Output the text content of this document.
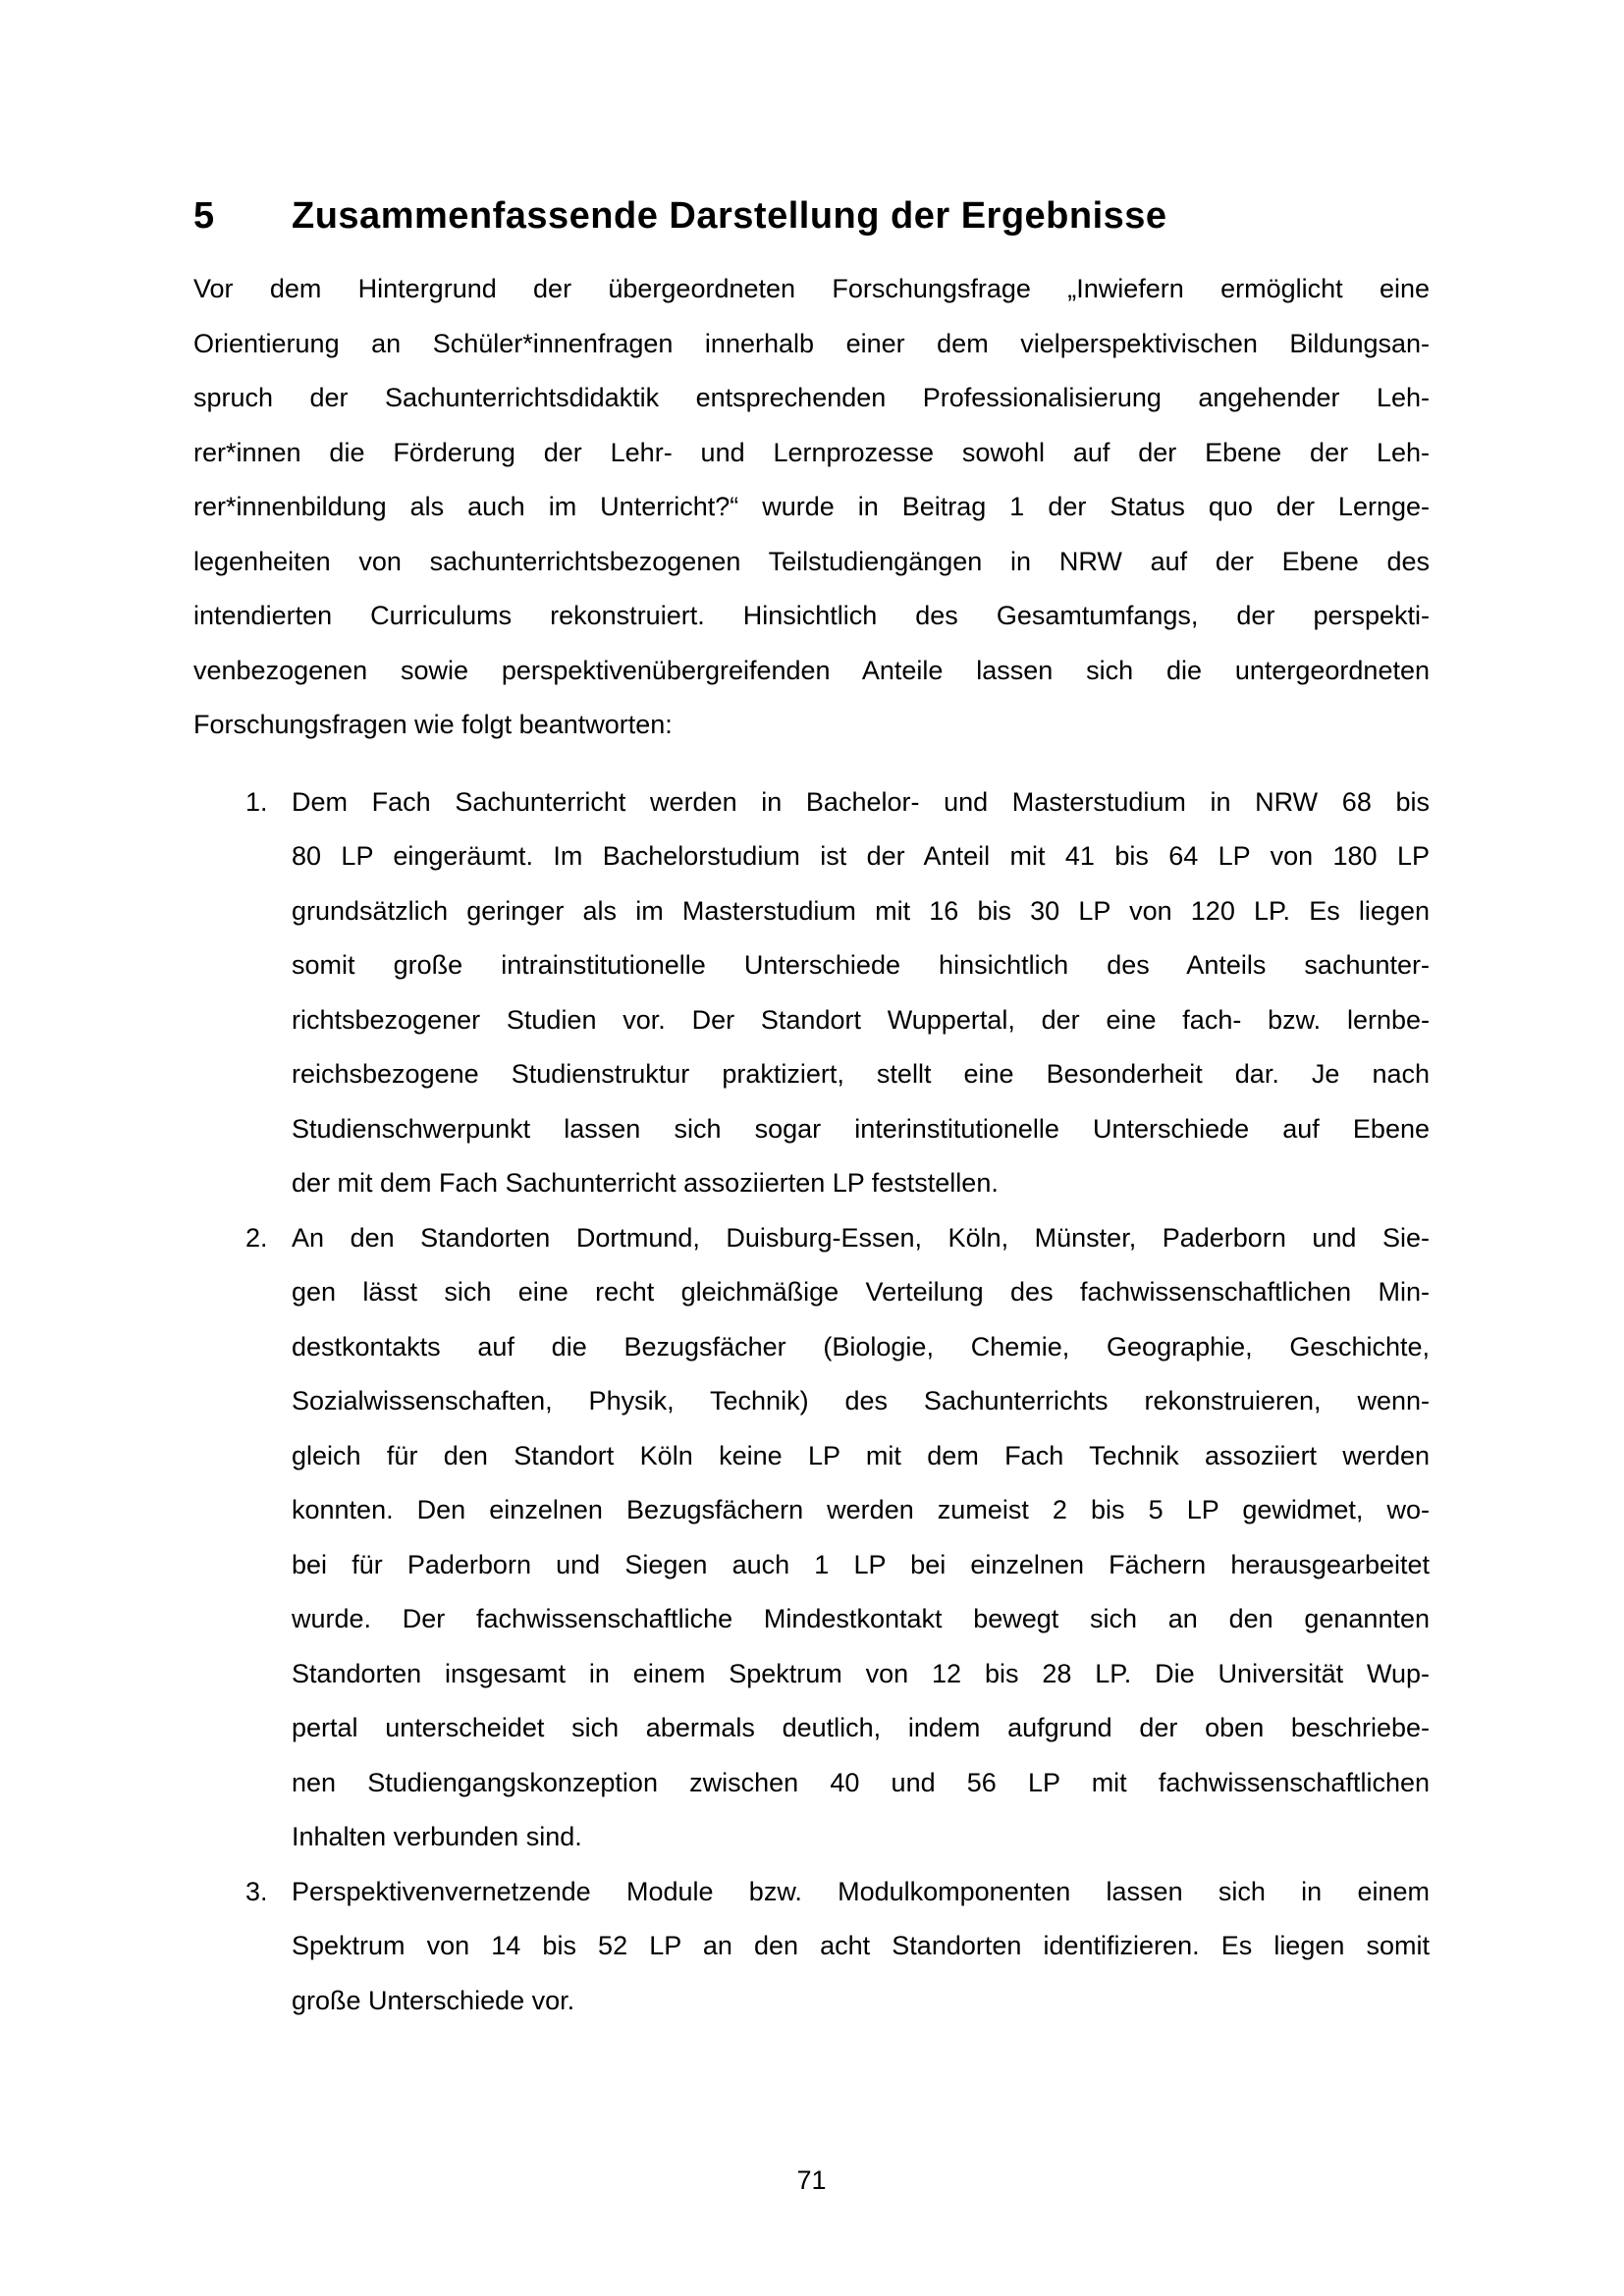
5	Zusammenfassende Darstellung der Ergebnisse
Vor dem Hintergrund der übergeordneten Forschungsfrage „Inwiefern ermöglicht eine
Orientierung an Schüler*innenfragen innerhalb einer dem vielperspektivischen Bildungsan-
spruch der Sachunterrichtsdidaktik entsprechenden Professionalisierung angehender Leh-
rer*innen die Förderung der Lehr- und Lernprozesse sowohl auf der Ebene der Leh-
rer*innenbildung als auch im Unterricht?“ wurde in Beitrag 1 der Status quo der Lernge-
legenheiten von sachunterrichtsbezogenen Teilstudiengängen in NRW auf der Ebene des
intendierten Curriculums rekonstruiert. Hinsichtlich des Gesamtumfangs, der perspekti-
venbezogenen sowie perspektivenübergreifenden Anteile lassen sich die untergeordneten
Forschungsfragen wie folgt beantworten:
1. Dem Fach Sachunterricht werden in Bachelor- und Masterstudium in NRW 68 bis
80 LP eingeräumt. Im Bachelorstudium ist der Anteil mit 41 bis 64 LP von 180 LP
grundsätzlich geringer als im Masterstudium mit 16 bis 30 LP von 120 LP. Es liegen
somit große intrainstitutionelle Unterschiede hinsichtlich des Anteils sachunter-
richtsbezogener Studien vor. Der Standort Wuppertal, der eine fach- bzw. lernbe-
reichsbezogene Studienstruktur praktiziert, stellt eine Besonderheit dar. Je nach
Studienschwerpunkt lassen sich sogar interinstitutionelle Unterschiede auf Ebene
der mit dem Fach Sachunterricht assoziierten LP feststellen.
2. An den Standorten Dortmund, Duisburg-Essen, Köln, Münster, Paderborn und Sie-
gen lässt sich eine recht gleichmäßige Verteilung des fachwissenschaftlichen Min-
destkontakts auf die Bezugsfächer (Biologie, Chemie, Geographie, Geschichte,
Sozialwissenschaften, Physik, Technik) des Sachunterrichts rekonstruieren, wenn-
gleich für den Standort Köln keine LP mit dem Fach Technik assoziiert werden
konnten. Den einzelnen Bezugsfächern werden zumeist 2 bis 5 LP gewidmet, wo-
bei für Paderborn und Siegen auch 1 LP bei einzelnen Fächern herausgearbeitet
wurde. Der fachwissenschaftliche Mindestkontakt bewegt sich an den genannten
Standorten insgesamt in einem Spektrum von 12 bis 28 LP. Die Universität Wup-
pertal unterscheidet sich abermals deutlich, indem aufgrund der oben beschriebe-
nen Studiengangskonzeption zwischen 40 und 56 LP mit fachwissenschaftlichen
Inhalten verbunden sind.
3. Perspektivenvernetzende Module bzw. Modulkomponenten lassen sich in einem
Spektrum von 14 bis 52 LP an den acht Standorten identifizieren. Es liegen somit
große Unterschiede vor.
71
